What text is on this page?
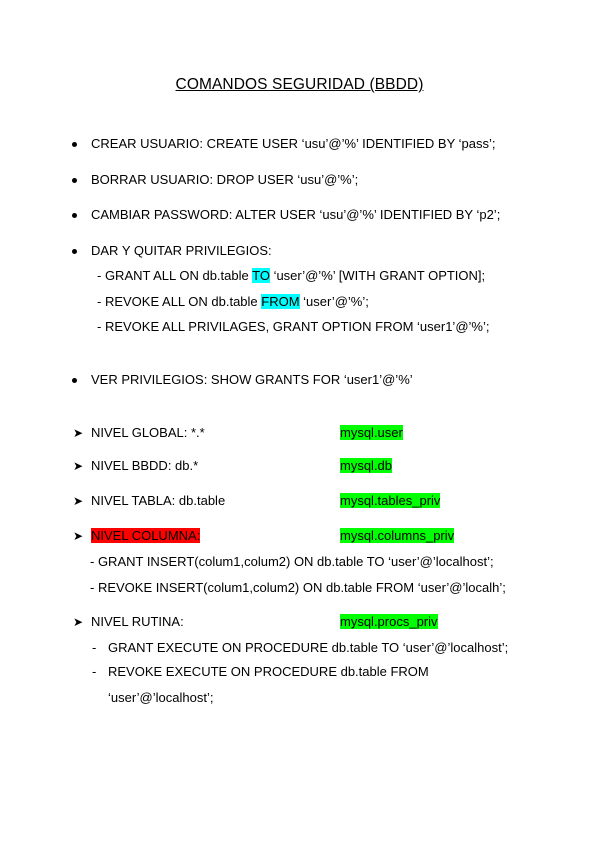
COMANDOS SEGURIDAD (BBDD)
CREAR USUARIO: CREATE USER ‘usu’@’%’ IDENTIFIED BY ‘pass’;
BORRAR USUARIO: DROP USER ‘usu’@’%’;
CAMBIAR PASSWORD: ALTER USER ‘usu’@’%’ IDENTIFIED BY ‘p2’;
DAR Y QUITAR PRIVILEGIOS:
- GRANT ALL ON db.table TO ‘user’@’%’ [WITH GRANT OPTION];
- REVOKE ALL ON db.table FROM ‘user’@’%’;
- REVOKE ALL PRIVILAGES, GRANT OPTION FROM ‘user1’@’%’;
VER PRIVILEGIOS: SHOW GRANTS FOR ‘user1’@’%’
➤ NIVEL GLOBAL: *.*	mysql.user
➤ NIVEL BBDD: db.*	mysql.db
➤ NIVEL TABLA: db.table	mysql.tables_priv
➤ NIVEL COLUMNA:	mysql.columns_priv
- GRANT INSERT(colum1,colum2) ON db.table TO ‘user’@’localhost’;
- REVOKE INSERT(colum1,colum2) ON db.table FROM ‘user’@’localh’;
➤ NIVEL RUTINA:	mysql.procs_priv
- GRANT EXECUTE ON PROCEDURE db.table TO ‘user’@’localhost’;
- REVOKE EXECUTE ON PROCEDURE db.table FROM
‘user’@’localhost’;
